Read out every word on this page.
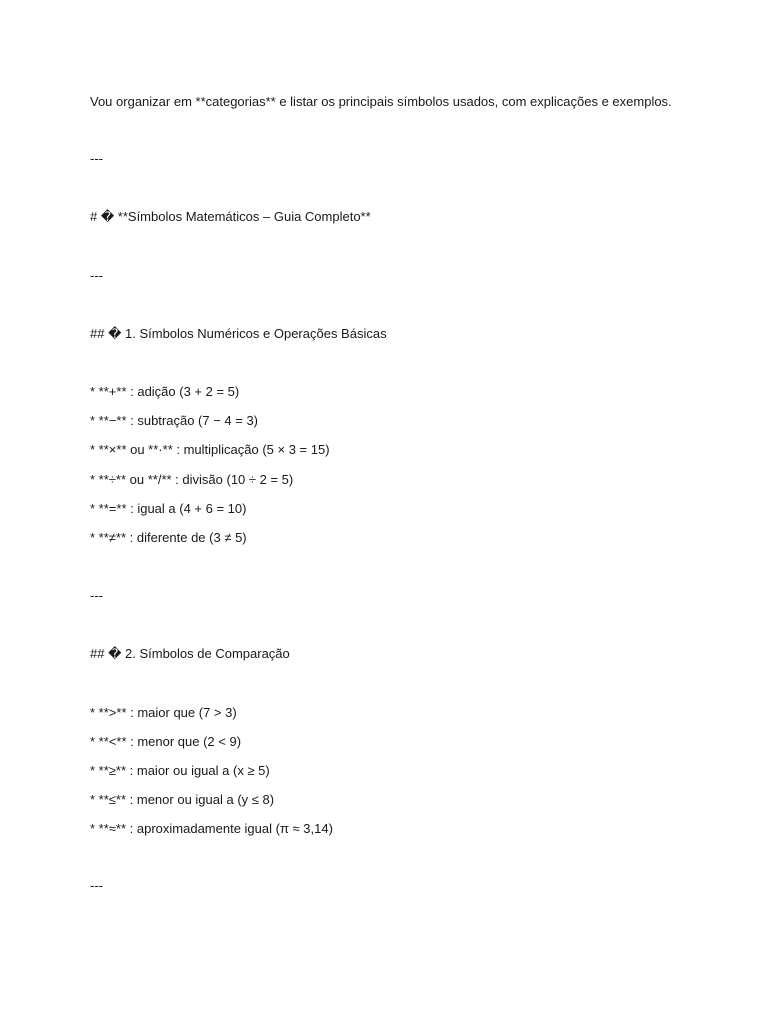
Vou organizar em **categorias** e listar os principais símbolos usados, com explicações e exemplos.
---
# � **Símbolos Matemáticos – Guia Completo**
---
## � 1. Símbolos Numéricos e Operações Básicas
* **+** : adição (3 + 2 = 5)
* **−** : subtração (7 − 4 = 3)
* **×** ou **·** : multiplicação (5 × 3 = 15)
* **÷** ou **/** : divisão (10 ÷ 2 = 5)
* **=** : igual a (4 + 6 = 10)
* **≠** : diferente de (3 ≠ 5)
---
## � 2. Símbolos de Comparação
* **>** : maior que (7 > 3)
* **<** : menor que (2 < 9)
* **≥** : maior ou igual a (x ≥ 5)
* **≤** : menor ou igual a (y ≤ 8)
* **≈** : aproximadamente igual (π ≈ 3,14)
---
